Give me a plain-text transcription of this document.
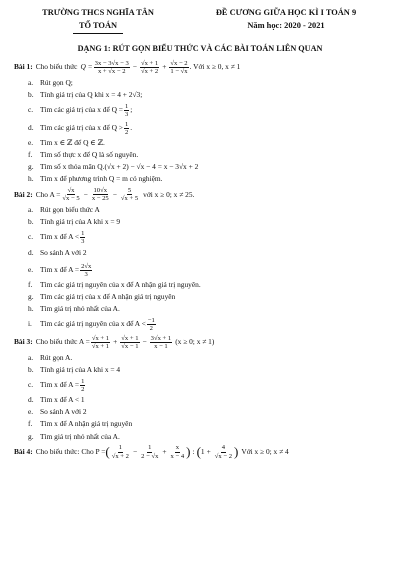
TRƯỜNG THCS NGHĨA TÂN
TỔ TOÁN
ĐỀ CƯƠNG GIỮA HỌC KÌ I TOÁN 9
Năm học: 2020 - 2021
DẠNG 1: RÚT GỌN BIỂU THỨC VÀ CÁC BÀI TOÁN LIÊN QUAN
Bài 1: Cho biểu thức $Q = \frac{3x - 3√x - 3}{x + √x - 2} - \frac{√x + 1}{√x + 2} + \frac{√x - 2}{1 - √x}$ . Với x ≥ 0, x ≠ 1
a. Rút gọn Q;
b. Tính giá trị của Q khi x = 4 + 2√3;
c. Tìm các giá trị của x để $Q = \frac{1}{3}$ ;
d. Tìm các giá trị của x để $Q > \frac{1}{2}$ .
e. Tìm x ∈ ℤ để Q ∈ ℤ.
f.	Tìm số thực x để Q là số nguyên.
g. Tìm số x thỏa mãn Q.(√x + 2) − √x − 4 = x − 3√x + 2
h. Tìm x để phương trình Q = m có nghiệm.
Bài 2: Cho $A = \frac{√x}{√x - 5} - \frac{10√x}{x - 25} - \frac{5}{√x + 5}$ với x ≥ 0; x ≠ 25.
a. Rút gọn biểu thức A
b. Tính giá trị của A khi x = 9
c. Tìm x để $A < \frac{1}{3}$
d. So sánh A với 2
e. Tìm x để $A = \frac{2√x}{3}$
f.	Tìm các giá trị nguyên của x để A nhận giá trị nguyên.
g. Tìm các giá trị của x để A nhận giá trị nguyên
h. Tìm giá trị nhỏ nhất của A.
i.	Tìm các giá trị nguyên của x để $A < \frac{-1}{2}$
Bài 3: Cho biểu thức $A = \frac{√x + 1}{√x + 1} + \frac{√x + 1}{√x - 1} - \frac{3√x + 1}{x - 1} (x \ge 0$; x ≠ 1)
a. Rút gọn A.
b. Tính giá trị của A khi x = 4
c. Tìm x để $A = \frac{1}{2}$
d. Tìm x để A < 1
e. So sánh A với 2
f.	Tìm x để A nhận giá trị nguyên
g. Tìm giá trị nhỏ nhất của A.
Bài 4: Cho biểu thức: Cho P = ( $\frac{1}{√x + 2} - \frac{1}{2 - √x} + \frac{x}{x - 4}$ ) : ( $1 + \frac{4}{√x - 2}$ ) Với x ≥ 0; x ≠ 4
